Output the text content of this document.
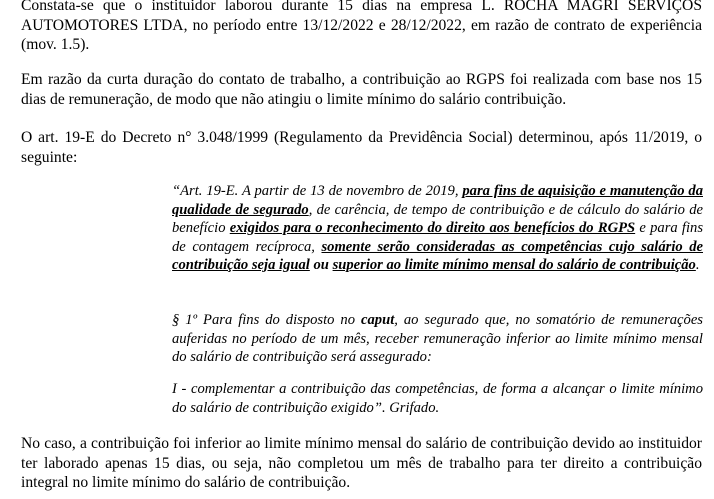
Constata-se que o instituidor laborou durante 15 dias na empresa L. ROCHA MAGRI SERVIÇOS AUTOMOTORES LTDA, no período entre 13/12/2022 e 28/12/2022, em razão de contrato de experiência (mov. 1.5).

Em razão da curta duração do contato de trabalho, a contribuição ao RGPS foi realizada com base nos 15 dias de remuneração, de modo que não atingiu o limite mínimo do salário contribuição.

O art. 19-E do Decreto n° 3.048/1999 (Regulamento da Previdência Social) determinou, após 11/2019, o seguinte:

“Art. 19-E. A partir de 13 de novembro de 2019, para fins de aquisição e manutenção da qualidade de segurado, de carência, de tempo de contribuição e de cálculo do salário de benefício exigidos para o reconhecimento do direito aos benefícios do RGPS e para fins de contagem recíproca, somente serão consideradas as competências cujo salário de contribuição seja igual ou superior ao limite mínimo mensal do salário de contribuição.

§ 1º Para fins do disposto no caput, ao segurado que, no somatório de remunerações auferidas no período de um mês, receber remuneração inferior ao limite mínimo mensal do salário de contribuição será assegurado:

I - complementar a contribuição das competências, de forma a alcançar o limite mínimo do salário de contribuição exigido”. Grifado.

No caso, a contribuição foi inferior ao limite mínimo mensal do salário de contribuição devido ao instituidor ter laborado apenas 15 dias, ou seja, não completou um mês de trabalho para ter direito a contribuição integral no limite mínimo do salário de contribuição.
